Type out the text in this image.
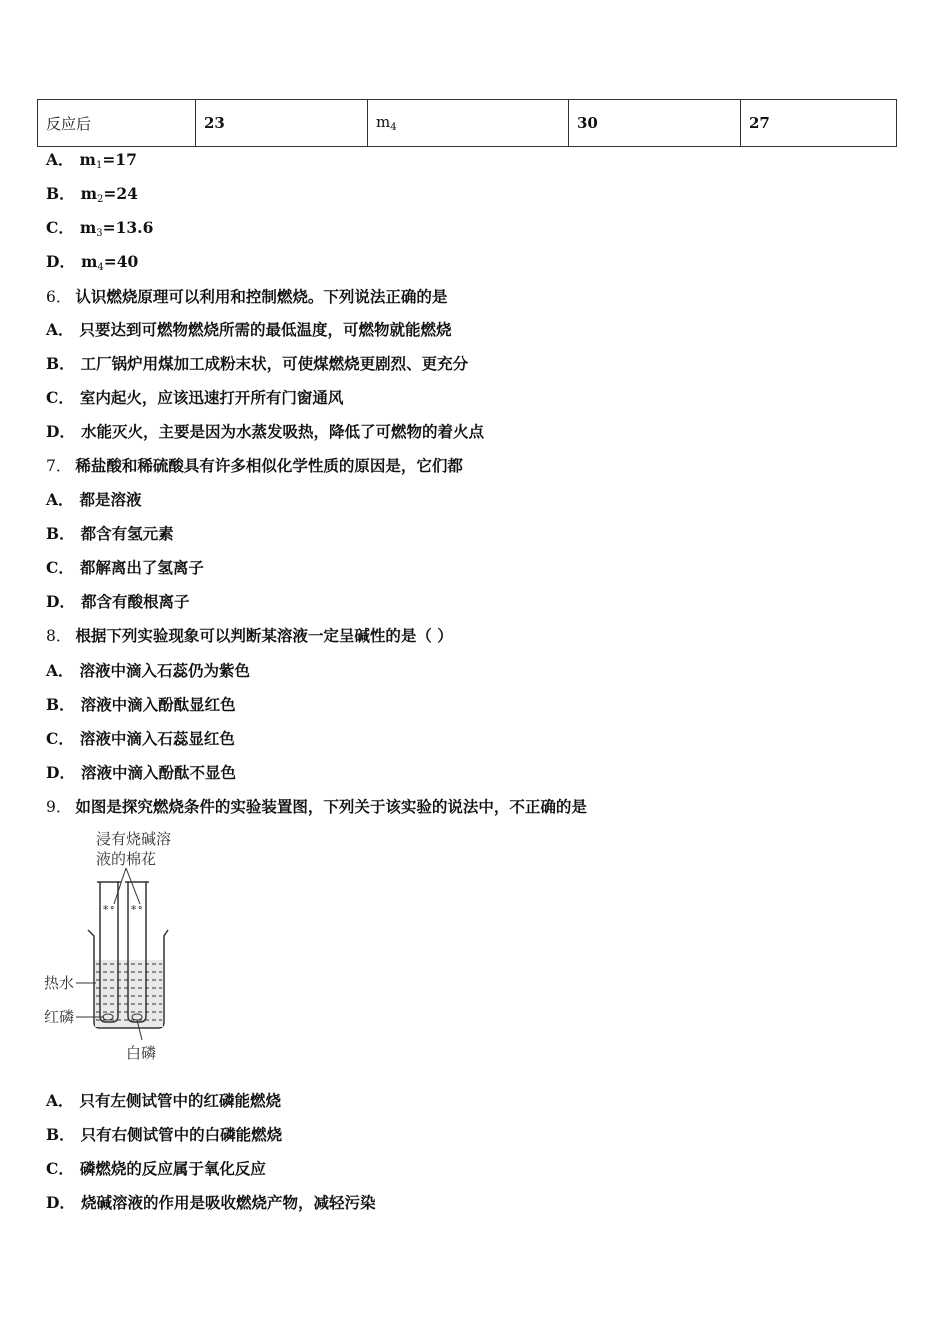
反应后	23	$m_4$	30	27
A． $m_1=17$
B． $m_2=24$
C． $m_3=13.6$
D． $m_4=40$
6． 认识燃烧原理可以利用和控制燃烧。下列说法正确的是
A． 只要达到可燃物燃烧所需的最低温度，可燃物就能燃烧
B． 工厂锅炉用煤加工成粉末状，可使煤燃烧更剧烈、更充分
C． 室内起火，应该迅速打开所有门窗通风
D． 水能灭火，主要是因为水蒸发吸热，降低了可燃物的着火点
7． 稀盐酸和稀硫酸具有许多相似化学性质的原因是，它们都
A． 都是溶液
B． 都含有氢元素
C． 都解离出了氢离子
D． 都含有酸根离子
8． 根据下列实验现象可以判断某溶液一定呈碱性的是（ ）
A． 溶液中滴入石蕊仍为紫色
B． 溶液中滴入酚酞显红色
C． 溶液中滴入石蕊显红色
D． 溶液中滴入酚酞不显色
9． 如图是探究燃烧条件的实验装置图，下列关于该实验的说法中，不正确的是
浸有烧碱溶
液的棉花
∗∘ ∗∘
热水
红磷
白磷
A． 只有左侧试管中的红磷能燃烧
B． 只有右侧试管中的白磷能燃烧
C． 磷燃烧的反应属于氧化反应
D． 烧碱溶液的作用是吸收燃烧产物，减轻污染
